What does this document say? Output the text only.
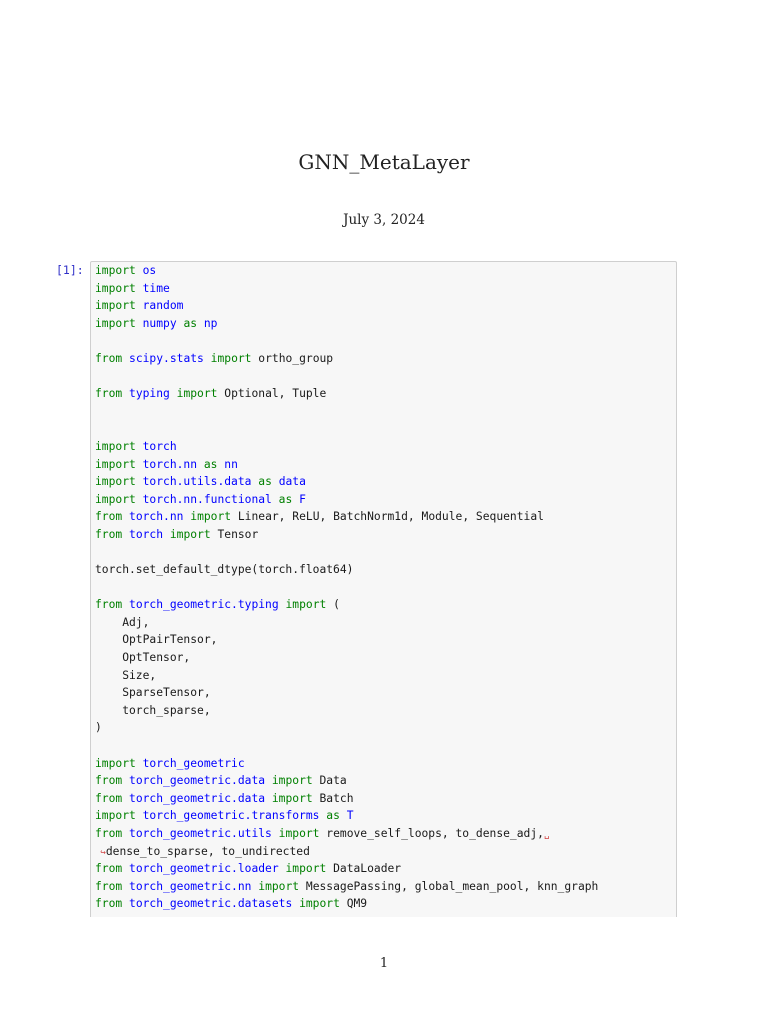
GNN_MetaLayer
July 3, 2024
[1]: import os
import time
import random
import numpy as np

from scipy.stats import ortho_group

from typing import Optional, Tuple

import torch
import torch.nn as nn
import torch.utils.data as data
import torch.nn.functional as F
from torch.nn import Linear, ReLU, BatchNorm1d, Module, Sequential
from torch import Tensor

torch.set_default_dtype(torch.float64)

from torch_geometric.typing import (
Adj,
OptPairTensor,
OptTensor,
Size,
SparseTensor,
torch_sparse,
)

import torch_geometric
from torch_geometric.data import Data
from torch_geometric.data import Batch
import torch_geometric.transforms as T
from torch_geometric.utils import remove_self_loops, to_dense_adj,␣
↪dense_to_sparse, to_undirected
from torch_geometric.loader import DataLoader
from torch_geometric.nn import MessagePassing, global_mean_pool, knn_graph
from torch_geometric.datasets import QM9
1
